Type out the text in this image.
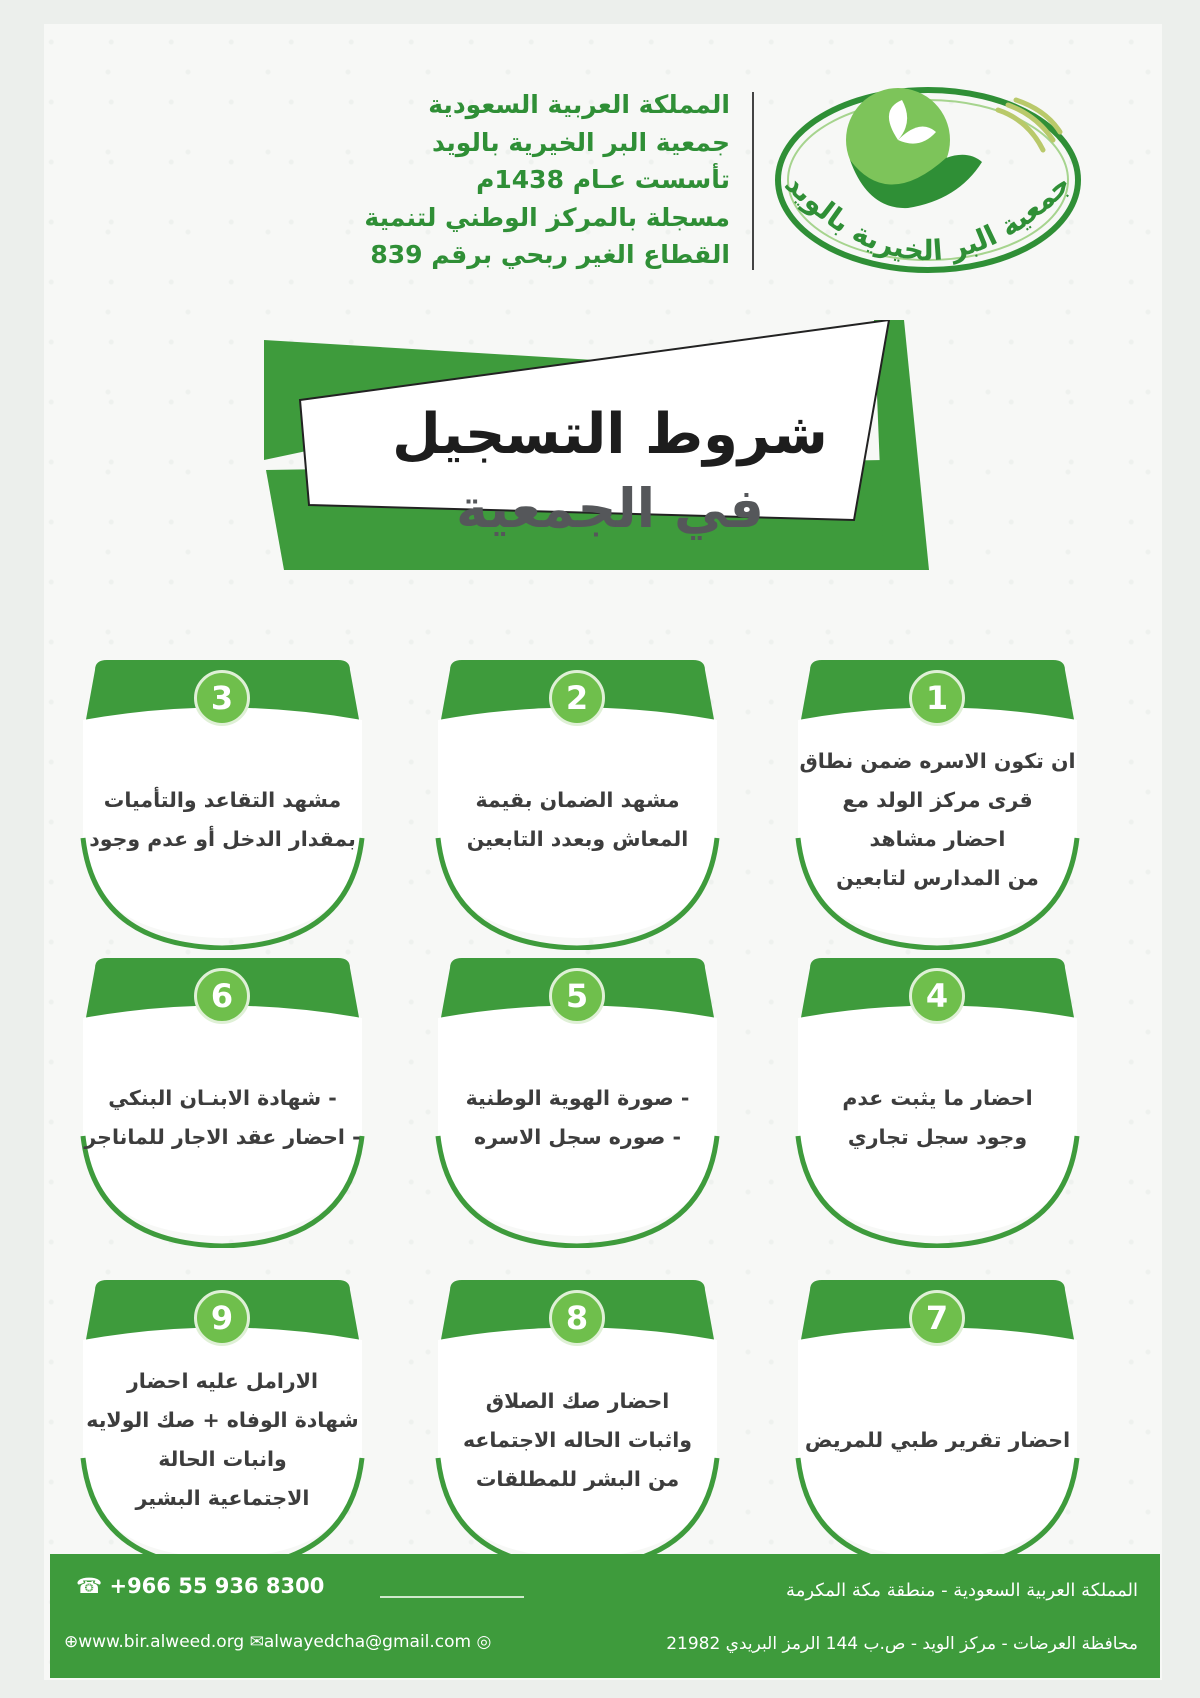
المملكة العربية السعودية
جمعية البر الخيرية بالويد
تأسست عـام 1438م
مسجلة بالمركز الوطني لتنمية
القطاع الغير ربحي برقم 839
جمعية البر الخيرية بالويد
شروط التسجيل
في الجمعية
1
ان تكون الاسره ضمن نطاق
قرى مركز الولد مع
احضار مشاهد
من المدارس لتابعين
2
مشهد الضمان بقيمة
المعاش وبعدد التابعين
3
مشهد التقاعد والتأميات
بمقدار الدخل أو عدم وجود
4
احضار ما يثبت عدم
وجود سجل تجاري
5
- صورة الهوية الوطنية
- صوره سجل الاسره
6
- شهادة الابنـان البنكي
- احضار عقد الاجار للماناجر
7
احضار تقرير طبي للمريض
8
احضار صك الصلاق
واثبات الحاله الاجتماعه
من البشر للمطلقات
9
الارامل عليه احضار
شهادة الوفاه + صك الولايه
وانبات الحالة
الاجتماعية البشير
المملكة العربية السعودية - منطقة مكة المكرمة
☎ +966 55 936 8300
⊕www.bir.alweed.org ✉alwayedcha@gmail.com ◎	محافظة العرضات - مركز الويد - ص.ب 144 الرمز البريدي 21982
